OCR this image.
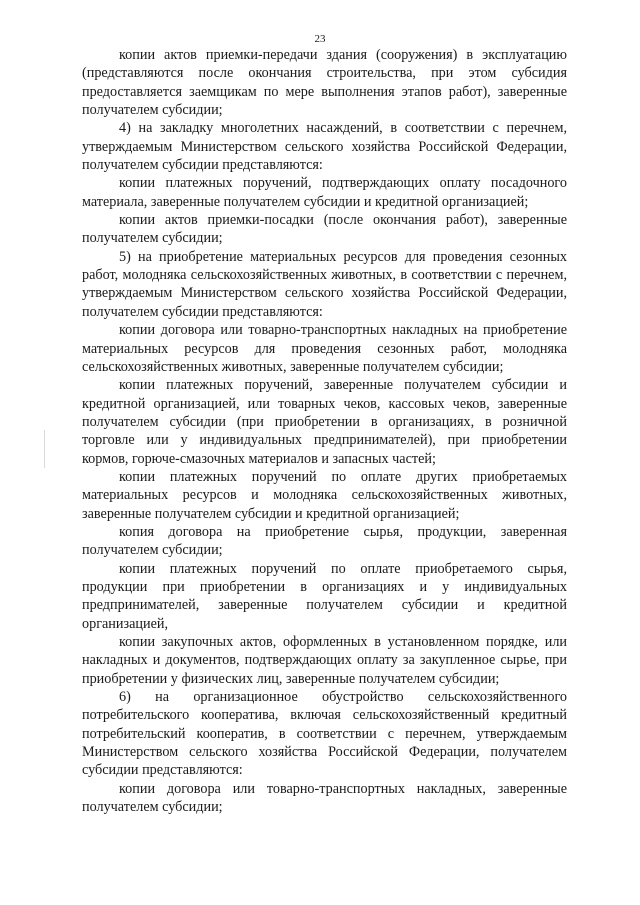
23

копии актов приемки-передачи здания (сооружения) в эксплуатацию (представляются после окончания строительства, при этом субсидия предоставляется заемщикам по мере выполнения этапов работ), заверенные получателем субсидии;

4) на закладку многолетних насаждений, в соответствии с перечнем, утверждаемым Министерством сельского хозяйства Российской Федерации, получателем субсидии представляются:

копии платежных поручений, подтверждающих оплату посадочного материала, заверенные получателем субсидии и кредитной организацией;

копии актов приемки-посадки (после окончания работ), заверенные получателем субсидии;

5) на приобретение материальных ресурсов для проведения сезонных работ, молодняка сельскохозяйственных животных, в соответствии с перечнем, утверждаемым Министерством сельского хозяйства Российской Федерации, получателем субсидии представляются:

копии договора или товарно-транспортных накладных на приобретение материальных ресурсов для проведения сезонных работ, молодняка сельскохозяйственных животных, заверенные получателем субсидии;

копии платежных поручений, заверенные получателем субсидии и кредитной организацией, или товарных чеков, кассовых чеков, заверенные получателем субсидии (при приобретении в организациях, в розничной торговле или у индивидуальных предпринимателей), при приобретении кормов, горюче-смазочных материалов и запасных частей;

копии платежных поручений по оплате других приобретаемых материальных ресурсов и молодняка сельскохозяйственных животных, заверенные получателем субсидии и кредитной организацией;

копия договора на приобретение сырья, продукции, заверенная получателем субсидии;

копии платежных поручений по оплате приобретаемого сырья, продукции при приобретении в организациях и у индивидуальных предпринимателей, заверенные получателем субсидии и кредитной организацией,

копии закупочных актов, оформленных в установленном порядке, или накладных и документов, подтверждающих оплату за закупленное сырье, при приобретении у физических лиц, заверенные получателем субсидии;

6) на организационное обустройство сельскохозяйственного потребительского кооператива, включая сельскохозяйственный кредитный потребительский кооператив, в соответствии с перечнем, утверждаемым Министерством сельского хозяйства Российской Федерации, получателем субсидии представляются:

копии договора или товарно-транспортных накладных, заверенные получателем субсидии;
